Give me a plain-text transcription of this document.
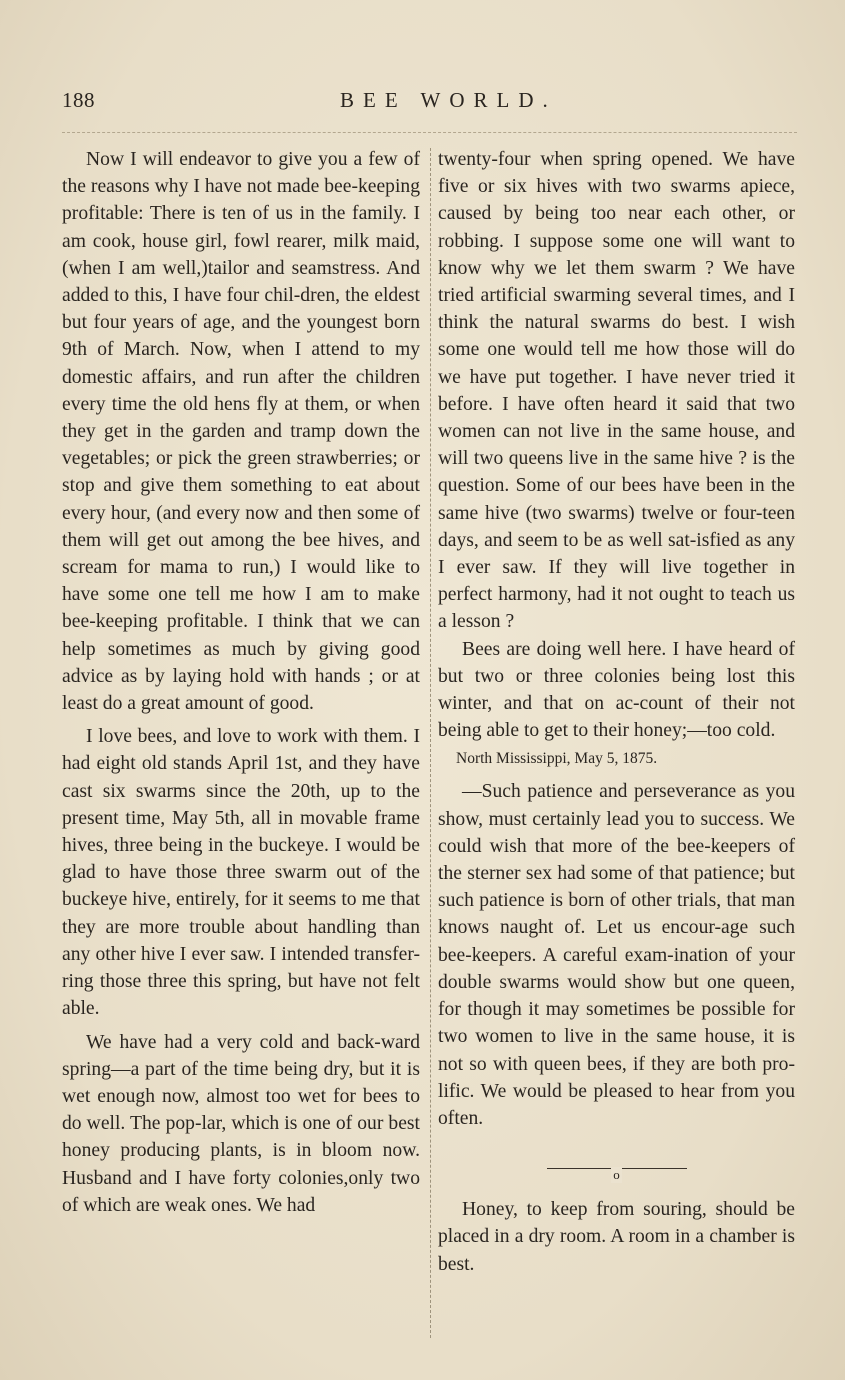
188	BEE WORLD.

Now I will endeavor to give you a few of the reasons why I have not made bee-keeping profitable: There is ten of us in the family. I am cook, house girl, fowl rearer, milk maid, (when I am well,)tailor and seamstress. And added to this, I have four chil-dren, the eldest but four years of age, and the youngest born 9th of March. Now, when I attend to my domestic affairs, and run after the children every time the old hens fly at them, or when they get in the garden and tramp down the vegetables; or pick the green strawberries; or stop and give them something to eat about every hour, (and every now and then some of them will get out among the bee hives, and scream for mama to run,) I would like to have some one tell me how I am to make bee-keeping profitable. I think that we can help sometimes as much by giving good advice as by laying hold with hands ; or at least do a great amount of good.

I love bees, and love to work with them. I had eight old stands April 1st, and they have cast six swarms since the 20th, up to the present time, May 5th, all in movable frame hives, three being in the buckeye. I would be glad to have those three swarm out of the buckeye hive, entirely, for it seems to me that they are more trouble about handling than any other hive I ever saw. I intended transfer-ring those three this spring, but have not felt able.

We have had a very cold and back-ward spring—a part of the time being dry, but it is wet enough now, almost too wet for bees to do well. The pop-lar, which is one of our best honey producing plants, is in bloom now. Husband and I have forty colonies,only two of which are weak ones. We had

twenty-four when spring opened. We have five or six hives with two swarms apiece, caused by being too near each other, or robbing. I suppose some one will want to know why we let them swarm ? We have tried artificial swarming several times, and I think the natural swarms do best. I wish some one would tell me how those will do we have put together. I have never tried it before. I have often heard it said that two women can not live in the same house, and will two queens live in the same hive ? is the question. Some of our bees have been in the same hive (two swarms) twelve or four-teen days, and seem to be as well sat-isfied as any I ever saw. If they will live together in perfect harmony, had it not ought to teach us a lesson ?

Bees are doing well here. I have heard of but two or three colonies being lost this winter, and that on ac-count of their not being able to get to their honey;—too cold.

North Mississippi, May 5, 1875.

—Such patience and perseverance as you show, must certainly lead you to success. We could wish that more of the bee-keepers of the sterner sex had some of that patience; but such patience is born of other trials, that man knows naught of. Let us encour-age such bee-keepers. A careful exam-ination of your double swarms would show but one queen, for though it may sometimes be possible for two women to live in the same house, it is not so with queen bees, if they are both pro-lific. We would be pleased to hear from you often.

o

Honey, to keep from souring, should be placed in a dry room. A room in a chamber is best.
